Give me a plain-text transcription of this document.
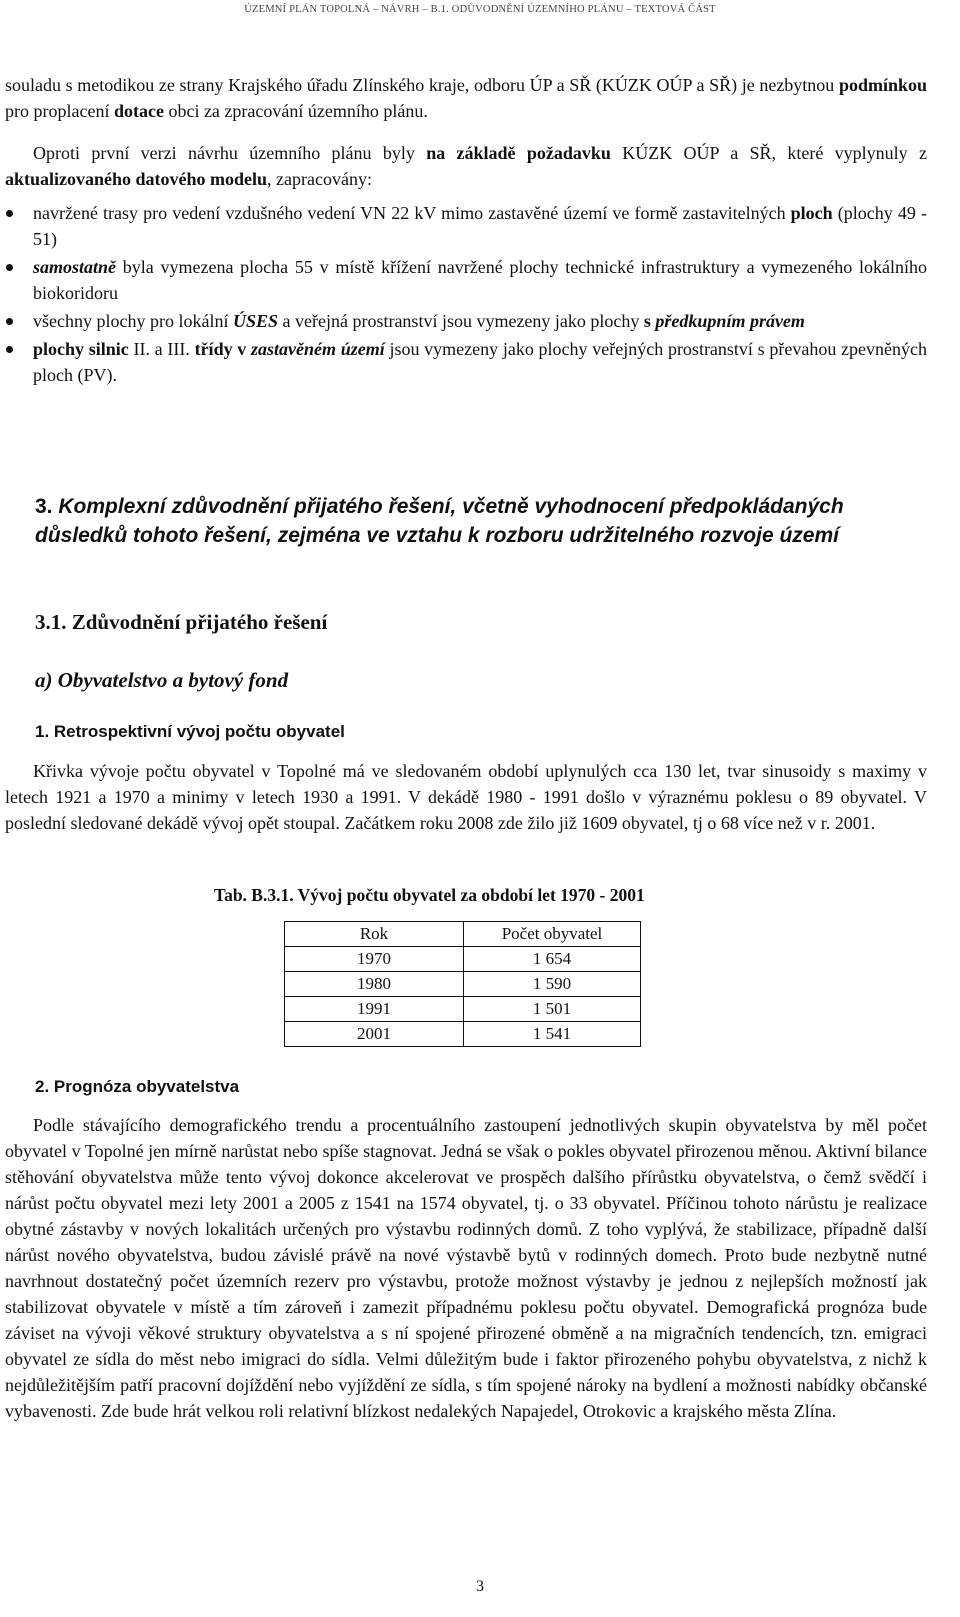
ÚZEMNÍ PLÁN TOPOLNÁ – NÁVRH – B.1. ODŮVODNĚNÍ ÚZEMNÍHO PLÁNU – TEXTOVÁ ČÁST

souladu s metodikou ze strany Krajského úřadu Zlínského kraje, odboru ÚP a SŘ (KÚZK OÚP a SŘ) je nezbytnou podmínkou pro proplacení dotace obci za zpracování územního plánu.

Oproti první verzi návrhu územního plánu byly na základě požadavku KÚZK OÚP a SŘ, které vyplynuly z aktualizovaného datového modelu, zapracovány:

navržené trasy pro vedení vzdušného vedení VN 22 kV mimo zastavěné území ve formě zastavitelných ploch (plochy 49 - 51)
samostatně byla vymezena plocha 55 v místě křížení navržené plochy technické infrastruktury a vymezeného lokálního biokoridoru
všechny plochy pro lokální ÚSES a veřejná prostranství jsou vymezeny jako plochy s předkupním právem
plochy silnic II. a III. třídy v zastavěném území jsou vymezeny jako plochy veřejných prostranství s převahou zpevněných ploch (PV).
3. Komplexní zdůvodnění přijatého řešení, včetně vyhodnocení předpokládaných důsledků tohoto řešení, zejména ve vztahu k rozboru udržitelného rozvoje území
3.1. Zdůvodnění přijatého řešení
a) Obyvatelstvo a bytový fond
1. Retrospektivní vývoj počtu obyvatel

Křivka vývoje počtu obyvatel v Topolné má ve sledovaném období uplynulých cca 130 let, tvar sinusoidy s maximy v letech 1921 a 1970 a minimy v letech 1930 a 1991. V dekádě 1980 - 1991 došlo v výraznému poklesu o 89 obyvatel. V poslední sledované dekádě vývoj opět stoupal. Začátkem roku 2008 zde žilo již 1609 obyvatel, tj o 68 více než v r. 2001.

Tab. B.3.1. Vývoj počtu obyvatel za období let 1970 - 2001

Rok	Počet obyvatel
1970	1 654
1980	1 590
1991	1 501
2001	1 541
2. Prognóza obyvatelstva

Podle stávajícího demografického trendu a procentuálního zastoupení jednotlivých skupin obyvatelstva by měl počet obyvatel v Topolné jen mírně narůstat nebo spíše stagnovat. Jedná se však o pokles obyvatel přirozenou měnou. Aktivní bilance stěhování obyvatelstva může tento vývoj dokonce akcelerovat ve prospěch dalšího přírůstku obyvatelstva, o čemž svědčí i nárůst počtu obyvatel mezi lety 2001 a 2005 z 1541 na 1574 obyvatel, tj. o 33 obyvatel. Příčinou tohoto nárůstu je realizace obytné zástavby v nových lokalitách určených pro výstavbu rodinných domů. Z toho vyplývá, že stabilizace, případně další nárůst nového obyvatelstva, budou závislé právě na nové výstavbě bytů v rodinných domech. Proto bude nezbytně nutné navrhnout dostatečný počet územních rezerv pro výstavbu, protože možnost výstavby je jednou z nejlepších možností jak stabilizovat obyvatele v místě a tím zároveň i zamezit případnému poklesu počtu obyvatel. Demografická prognóza bude záviset na vývoji věkové struktury obyvatelstva a s ní spojené přirozené obměně a na migračních tendencích, tzn. emigraci obyvatel ze sídla do měst nebo imigraci do sídla. Velmi důležitým bude i faktor přirozeného pohybu obyvatelstva, z nichž k nejdůležitějším patří pracovní dojíždění nebo vyjíždění ze sídla, s tím spojené nároky na bydlení a možnosti nabídky občanské vybavenosti. Zde bude hrát velkou roli relativní blízkost nedalekých Napajedel, Otrokovic a krajského města Zlína.

3
